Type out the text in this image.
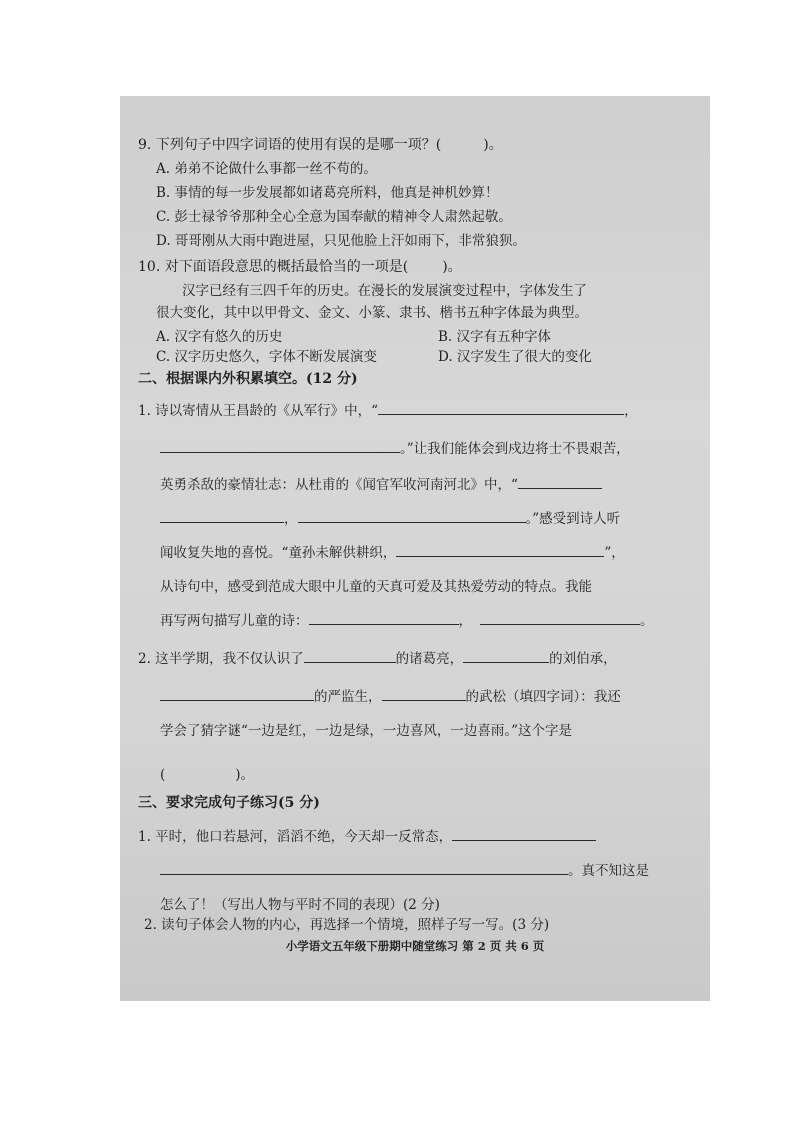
9. 下列句子中四字词语的使用有误的是哪一项？(	)。
A. 弟弟不论做什么事都一丝不苟的。
B. 事情的每一步发展都如诸葛亮所料，他真是神机妙算！
C. 彭士禄爷爷那种全心全意为国奉献的精神令人肃然起敬。
D. 哥哥刚从大雨中跑进屋，只见他脸上汗如雨下，非常狼狈。
10. 对下面语段意思的概括最恰当的一项是( )。
汉字已经有三四千年的历史。在漫长的发展演变过程中，字体发生了
很大变化，其中以甲骨文、金文、小篆、隶书、楷书五种字体最为典型。
A. 汉字有悠久的历史	B. 汉字有五种字体
C. 汉字历史悠久，字体不断发展演变	D. 汉字发生了很大的变化
二、根据课内外积累填空。(12 分)
1. 诗以寄情从王昌龄的《从军行》中，“	，
。”让我们能体会到戍边将士不畏艰苦，
英勇杀敌的豪情壮志：从杜甫的《闻官军收河南河北》中，“
，	。”感受到诗人听
闻收复失地的喜悦。“童孙未解供耕织，	”，
从诗句中，感受到范成大眼中儿童的天真可爱及其热爱劳动的特点。我能
再写两句描写儿童的诗：	，	。
2. 这半学期，我不仅认识了	的诸葛亮，	的刘伯承，
的严监生，	的武松（填四字词）：我还
学会了猜字谜“一边是红，一边是绿，一边喜风，一边喜雨。”这个字是
(	)。
三、要求完成句子练习(5 分)
1. 平时，他口若悬河，滔滔不绝，今天却一反常态，
。真不知这是
怎么了！（写出人物与平时不同的表现）(2 分)
2. 读句子体会人物的内心，再选择一个情境，照样子写一写。(3 分)
小学语文五年级下册期中随堂练习 第 2 页 共 6 页
